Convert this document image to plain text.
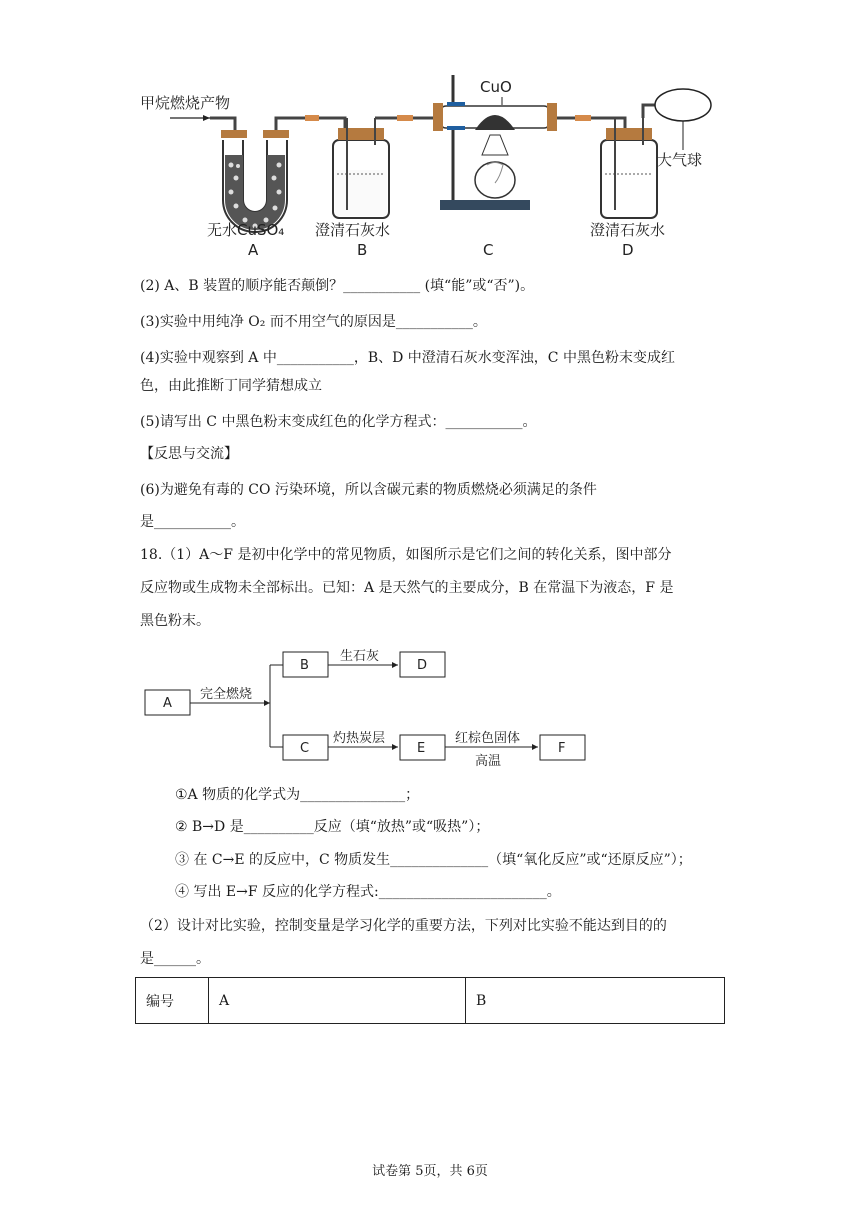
甲烷燃烧产物
CuO
大气球
无水CuSO₄ 澄清石灰水	澄清石灰水
A	B	C	D
(2) A、B 装置的顺序能否颠倒？___________ (填“能”或“否”)。
(3)实验中用纯净 O₂ 而不用空气的原因是___________。
(4)实验中观察到 A 中___________，B、D 中澄清石灰水变浑浊，C 中黑色粉末变成红
色，由此推断丁同学猜想成立
(5)请写出 C 中黑色粉末变成红色的化学方程式：___________。
【反思与交流】
(6)为避免有毒的 CO 污染环境，所以含碳元素的物质燃烧必须满足的条件
是___________。
18.（1）A～F 是初中化学中的常见物质，如图所示是它们之间的转化关系，图中部分
反应物或生成物未全部标出。已知：A 是天然气的主要成分，B 在常温下为液态，F 是
黑色粉末。
A
完全燃烧
B
生石灰
D
C
灼热炭层
E
红棕色固体
高温
F
①A 物质的化学式为_______________；
② B→D 是__________反应（填“放热”或“吸热”）；
③ 在 C→E 的反应中，C 物质发生______________（填“氧化反应”或“还原反应”）；
④ 写出 E→F 反应的化学方程式:________________________。
（2）设计对比实验，控制变量是学习化学的重要方法，下列对比实验不能达到目的的
是______。
编号	A	B
试卷第 5页，共 6页
